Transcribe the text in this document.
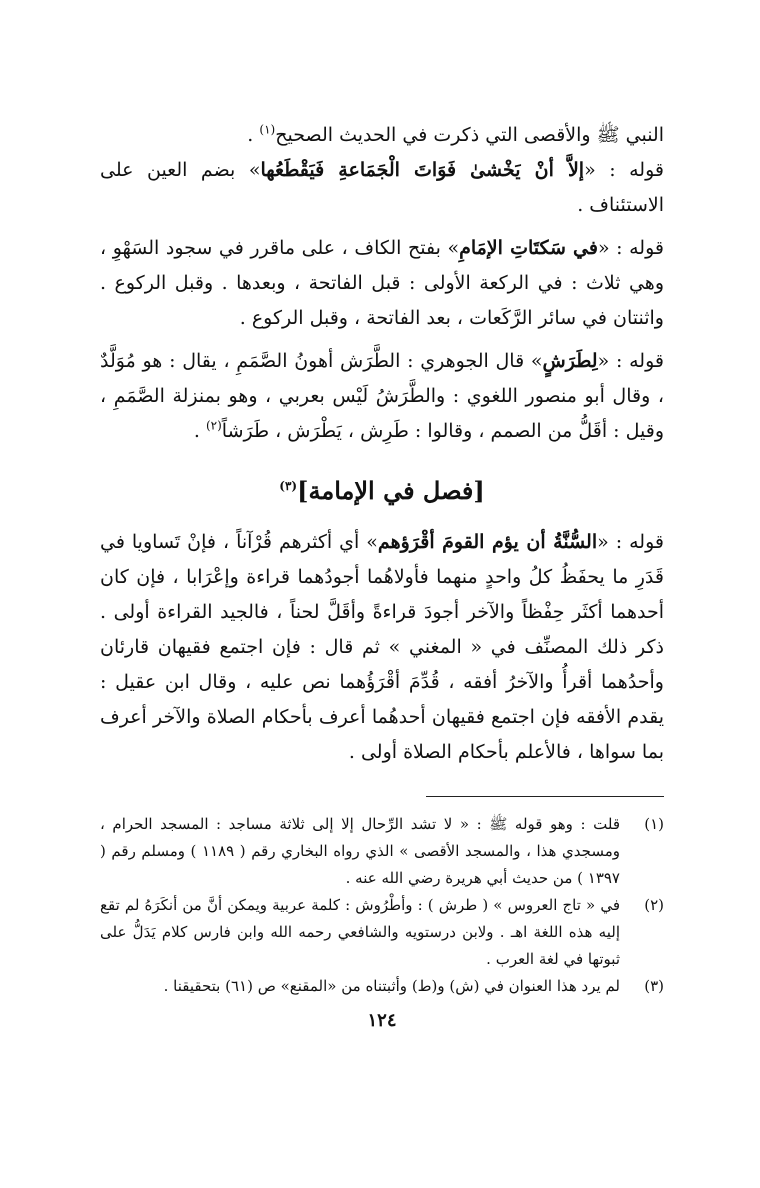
النبي ﷺ والأقصى التي ذكرت في الحديث الصحيح$^{(١)}$ .

قوله : «إلاَّ أنْ يَخْشىٰ فَوَاتَ الْجَمَاعةِ فَيَقْطَعُها» بضم العين على الاستئناف .

قوله : «في سَكتَاتِ الإمَامِ» بفتح الكاف ، على ماقرر في سجود السَهْوِ ، وهي ثلاث : في الركعة الأولى : قبل الفاتحة ، وبعدها . وقبل الركوع . واثنتان في سائر الرَّكَعات ، بعد الفاتحة ، وقبل الركوع .

قوله : «لِطَرَشٍ» قال الجوهري : الطَّرَش أهونُ الصَّمَمِ ، يقال : هو مُوَلَّدٌ ، وقال أبو منصور اللغوي : والطَّرَشُ لَيْس بعربي ، وهو بمنزلة الصَّمَمِ ، وقيل : أقَلُّ من الصمم ، وقالوا : طَرِش ، يَطْرَش ، طَرَشاً$^{(٢)}$ .

[فصل في الإمامة]$^{(٣)}$

قوله : «السُّنَّةُ أن يؤم القومَ أقْرَؤهم» أي أكثرهم قُرْآناً ، فإنْ تَساويا في قَدَرِ ما يحفَظُ كلُ واحدٍ منهما فأولاهُما أجودُهما قراءة وإعْرَابا ، فإن كان أحدهما أكثَر حِفْظاً والآخر أجودَ قراءةً وأقَلَّ لحناً ، فالجيد القراءة أولى . ذكر ذلك المصنِّف في « المغني » ثم قال : فإن اجتمع فقيهان قارئان وأحدُهما أقرأُ والآخرُ أفقه ، قُدِّمَ أقْرَؤُهما نص عليه ، وقال ابن عقيل : يقدم الأفقه فإن اجتمع فقيهان أحدهُما أعرف بأحكام الصلاة والآخر أعرف بما سواها ، فالأعلم بأحكام الصلاة أولى .

(١)
قلت : وهو قوله ﷺ : « لا تشد الرِّحال إلا إلى ثلاثة مساجد : المسجد الحرام ، ومسجدي هذا ، والمسجد الأقصى » الذي رواه البخاري رقم ( ١١٨٩ ) ومسلم رقم ( ١٣٩٧ ) من حديث أبي هريرة رضي الله عنه .
(٢)
في « تاج العروس » ( طرش ) : وأطْرُوش : كلمة عربية ويمكن أنَّ من أنكَرَهُ لم تقع إليه هذه اللغة اهـ . ولابن درستويه والشافعي رحمه الله وابن فارس كلام يَدَلُّ على ثبوتها في لغة العرب .
(٣)
لم يرد هذا العنوان في (ش) و(ط) وأثبتناه من «المقنع» ص (٦١) بتحقيقنا .
١٢٤
